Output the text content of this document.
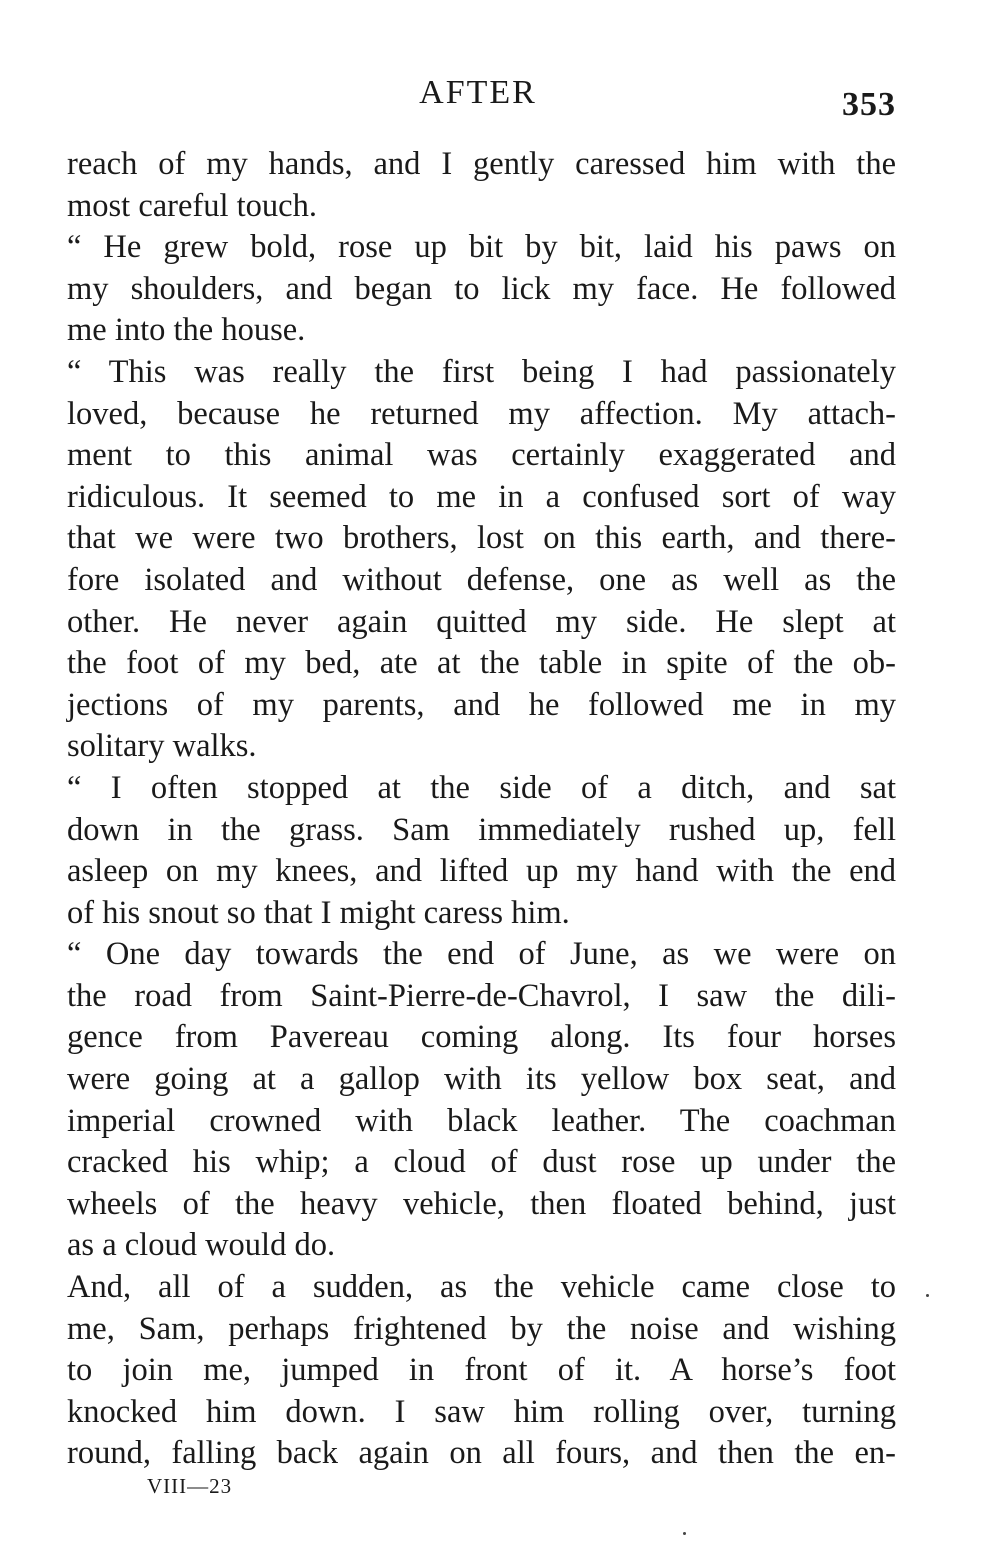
AFTER	353
reach of my hands, and I gently caressed him with the
most careful touch.
“ He grew bold, rose up bit by bit, laid his paws on
my shoulders, and began to lick my face. He followed
me into the house.
“ This was really the first being I had passionately
loved, because he returned my affection. My attach-
ment to this animal was certainly exaggerated and
ridiculous. It seemed to me in a confused sort of way
that we were two brothers, lost on this earth, and there-
fore isolated and without defense, one as well as the
other. He never again quitted my side. He slept at
the foot of my bed, ate at the table in spite of the ob-
jections of my parents, and he followed me in my
solitary walks.
“ I often stopped at the side of a ditch, and sat
down in the grass. Sam immediately rushed up, fell
asleep on my knees, and lifted up my hand with the end
of his snout so that I might caress him.
“ One day towards the end of June, as we were on
the road from Saint-Pierre-de-Chavrol, I saw the dili-
gence from Pavereau coming along. Its four horses
were going at a gallop with its yellow box seat, and
imperial crowned with black leather. The coachman
cracked his whip; a cloud of dust rose up under the
wheels of the heavy vehicle, then floated behind, just
as a cloud would do.
And, all of a sudden, as the vehicle came close to
me, Sam, perhaps frightened by the noise and wishing
to join me, jumped in front of it. A horse’s foot
knocked him down. I saw him rolling over, turning
round, falling back again on all fours, and then the en-
VIII—23
